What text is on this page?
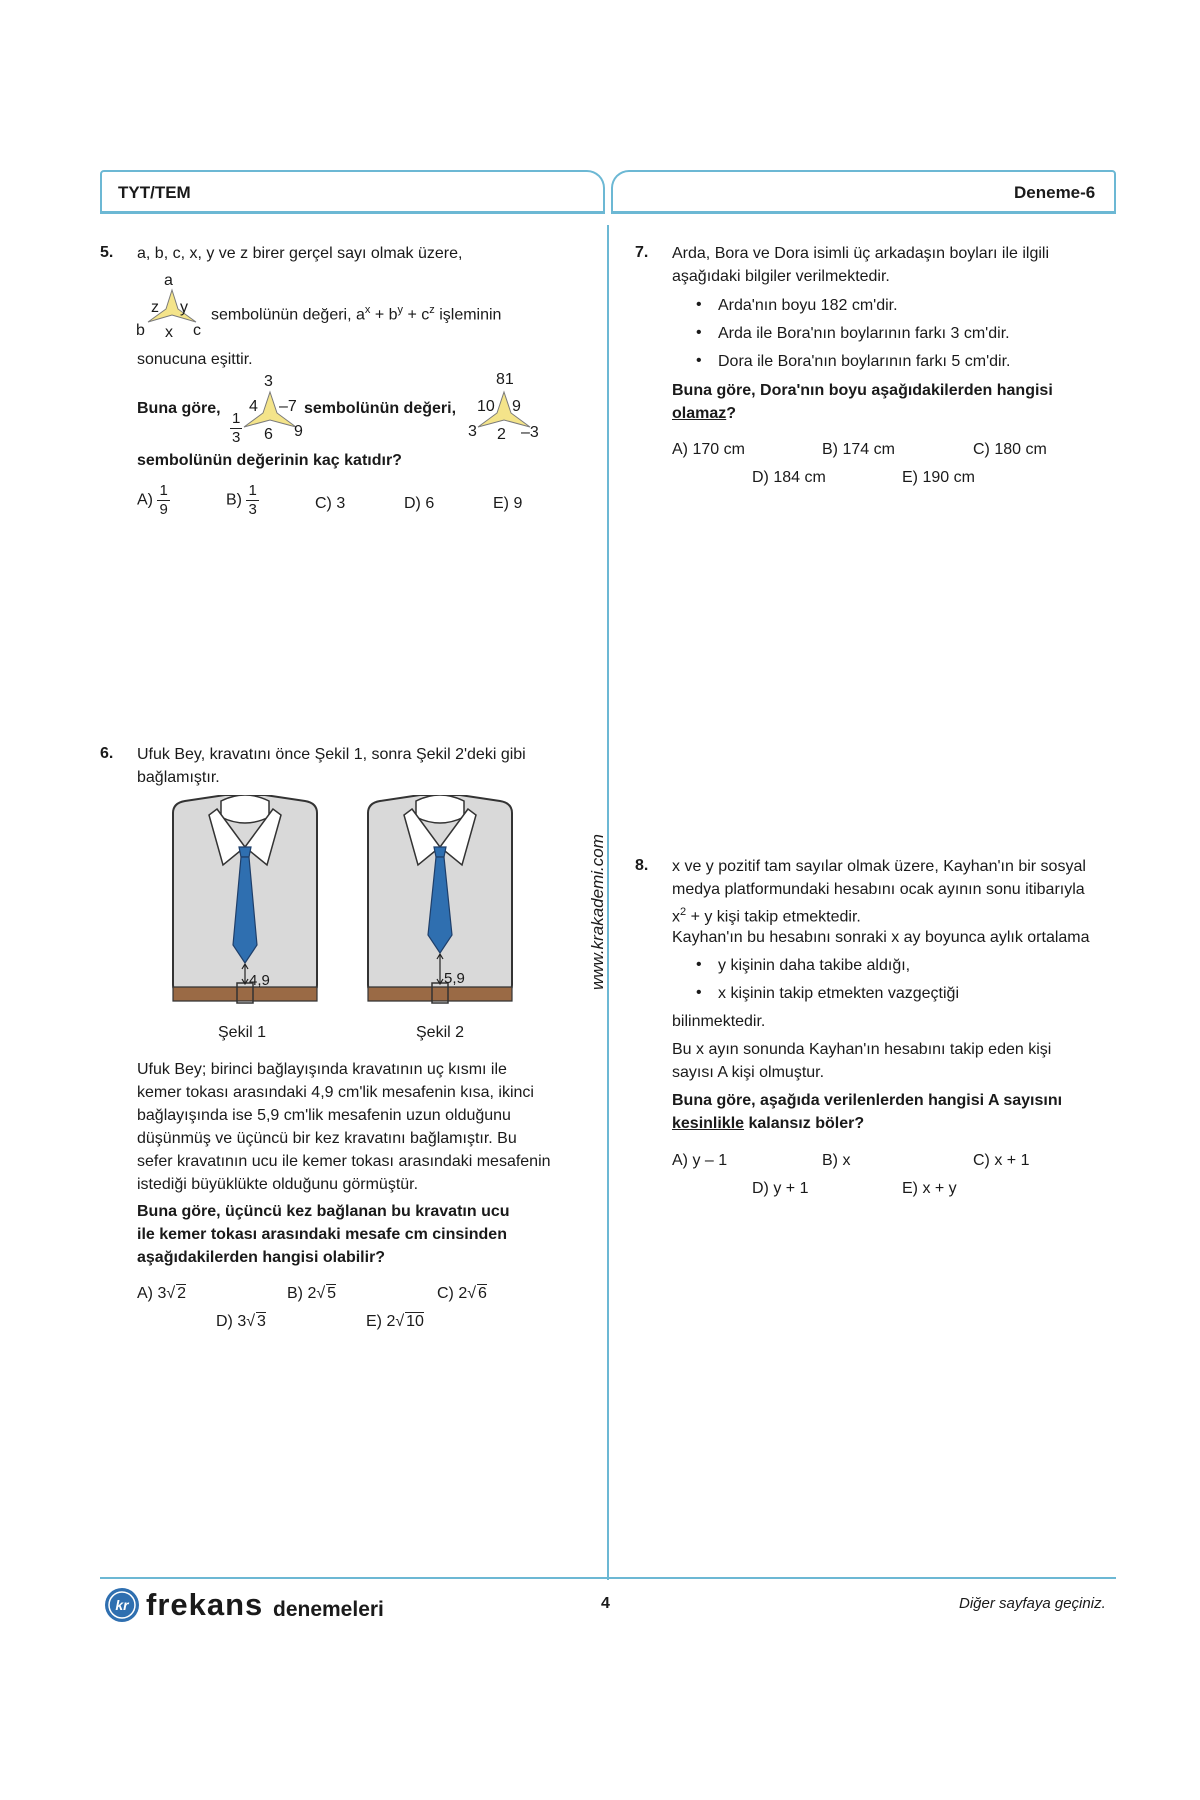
TYT/TEM	Deneme-6
www.krakademi.com
5. a, b, c, x, y ve z birer gerçel sayı olmak üzere,
a
z y
b x c
sembolünün değeri, $a^x + b^y + c^z$ işleminin
sonucuna eşittir.
Buna göre,
3
4 –7
$\frac{1}{3} 6$ 9
sembolünün değeri,
81
10 9
3 2 –3
sembolünün değerinin kaç katıdır?
$A) \frac{1}{9}$	$B) \frac{1}{3}$	C) 3	D) 6	E) 9
7. Arda, Bora ve Dora isimli üç arkadaşın boyları ile ilgili
aşağıdaki bilgiler verilmektedir.
• Arda'nın boyu 182 cm'dir.
• Arda ile Bora'nın boylarının farkı 3 cm'dir.
• Dora ile Bora'nın boylarının farkı 5 cm'dir.
Buna göre, Dora'nın boyu aşağıdakilerden hangisi
olamaz?
A) 170 cm	B) 174 cm	C) 180 cm
D) 184 cm	E) 190 cm
6. Ufuk Bey, kravatını önce Şekil 1, sonra Şekil 2'deki gibi
bağlamıştır.
4,9
Şekil 1
5,9
Şekil 2
Ufuk Bey; birinci bağlayışında kravatının uç kısmı ile
kemer tokası arasındaki 4,9 cm'lik mesafenin kısa, ikinci
bağlayışında ise 5,9 cm'lik mesafenin uzun olduğunu
düşünmüş ve üçüncü bir kez kravatını bağlamıştır. Bu
sefer kravatının ucu ile kemer tokası arasındaki mesafenin
istediği büyüklükte olduğunu görmüştür.
Buna göre, üçüncü kez bağlanan bu kravatın ucu
ile kemer tokası arasındaki mesafe cm cinsinden
aşağıdakilerden hangisi olabilir?
A) 3√ 2	B) 2√ 5	C) 2√ 6
D) 3√ 3	E) 2√ 10
8. x ve y pozitif tam sayılar olmak üzere, Kayhan'ın bir sosyal
medya platformundaki hesabını ocak ayının sonu itibarıyla
$x^2 + y$ kişi takip etmektedir.
Kayhan'ın bu hesabını sonraki x ay boyunca aylık ortalama
• y kişinin daha takibe aldığı,
• x kişinin takip etmekten vazgeçtiği
bilinmektedir.
Bu x ayın sonunda Kayhan'ın hesabını takip eden kişi
sayısı A kişi olmuştur.
Buna göre, aşağıda verilenlerden hangisi A sayısını
kesinlikle kalansız böler?
A) y – 1	B) x	C) x + 1
D) y + 1	E) x + y
kr frekans denemeleri	4	Diğer sayfaya geçiniz.
